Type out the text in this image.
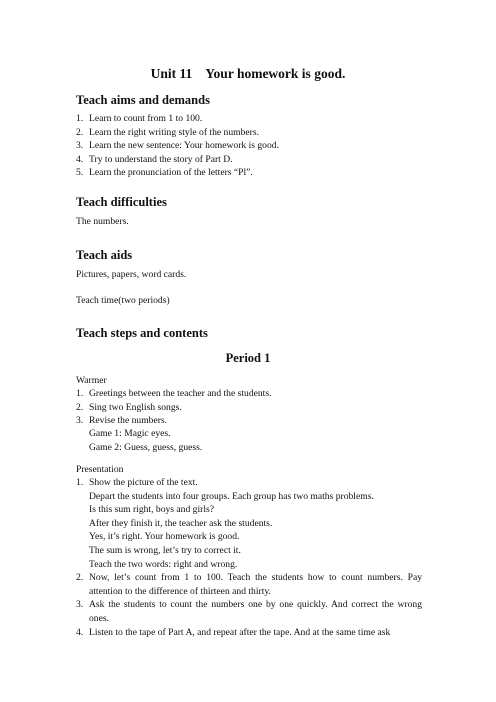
Unit 11    Your homework is good.
Teach aims and demands
1. Learn to count from 1 to 100.
2. Learn the right writing style of the numbers.
3. Learn the new sentence: Your homework is good.
4. Try to understand the story of Part D.
5. Learn the pronunciation of the letters “Pl”.
Teach difficulties
The numbers.
Teach aids
Pictures, papers, word cards.
Teach time(two periods)
Teach steps and contents
Period 1
Warmer
1. Greetings between the teacher and the students.
2. Sing two English songs.
3. Revise the numbers.
Game 1: Magic eyes.
Game 2: Guess, guess, guess.
Presentation
1. Show the picture of the text.
Depart the students into four groups. Each group has two maths problems.
Is this sum right, boys and girls?
After they finish it, the teacher ask the students.
Yes, it’s right. Your homework is good.
The sum is wrong, let’s try to correct it.
Teach the two words: right and wrong.
2. Now, let’s count from 1 to 100. Teach the students how to count numbers. Pay attention to the difference of thirteen and thirty.
3. Ask the students to count the numbers one by one quickly. And correct the wrong ones.
4. Listen to the tape of Part A, and repeat after the tape. And at the same time ask
